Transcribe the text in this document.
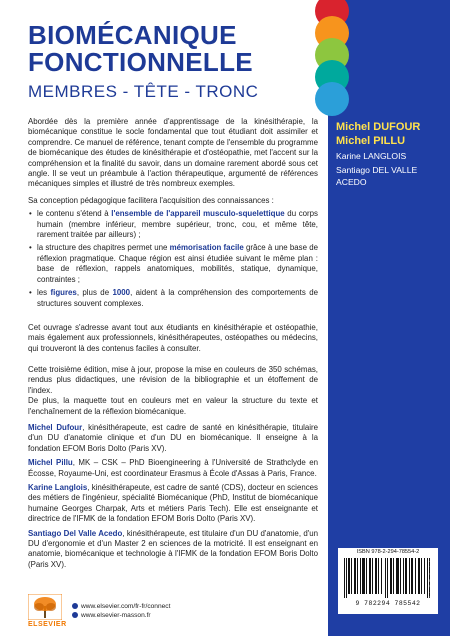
BIOMÉCANIQUE
FONCTIONNELLE
MEMBRES - TÊTE - TRONC
Michel DUFOUR
Michel PILLU
Karine LANGLOIS
Santiago DEL VALLE ACEDO

Abordée dès la première année d'apprentissage de la kinésithérapie, la biomécanique constitue le socle fondamental que tout étudiant doit assimiler et comprendre. Ce manuel de référence, tenant compte de l'ensemble du programme de biomécanique des études de kinésithérapie et d'ostéopathie, met l'accent sur la compréhension et la finalité du savoir, dans un domaine rarement abordé sous cet angle. Il se veut un préambule à l'action thérapeutique, argumenté de références mécaniques simples et illustré de très nombreux exemples.

Sa conception pédagogique facilitera l'acquisition des connaissances :

• le contenu s'étend à l'ensemble de l'appareil musculo-squelettique du corps humain (membre inférieur, membre supérieur, tronc, cou, et même tête, rarement traitée par ailleurs) ;
• la structure des chapitres permet une mémorisation facile grâce à une base de réflexion pragmatique. Chaque région est ainsi étudiée suivant le même plan : base de réflexion, rappels anatomiques, mobilités, statique, dynamique, contraintes ;
• les figures, plus de 1000, aident à la compréhension des comportements de structures souvent complexes.

Cet ouvrage s'adresse avant tout aux étudiants en kinésithérapie et ostéopathie, mais également aux professionnels, kinésithérapeutes, ostéopathes ou médecins, qui trouveront là des contenus faciles à consulter.

Cette troisième édition, mise à jour, propose la mise en couleurs de 350 schémas, rendus plus didactiques, une révision de la bibliographie et un étoffement de l'index.

De plus, la maquette tout en couleurs met en valeur la structure du texte et l'enchaînement de la réflexion biomécanique.

Michel Dufour, kinésithérapeute, est cadre de santé en kinésithérapie, titulaire d'un DU d'anatomie clinique et d'un DU en biomécanique. Il enseigne à la fondation EFOM Boris Dolto (Paris XV).

Michel Pillu, MK – CSK – PhD Bioengineering à l'Université de Strathclyde en Écosse, Royaume-Uni, est coordinateur Erasmus à École d'Assas à Paris, France.

Karine Langlois, kinésithérapeute, est cadre de santé (CDS), docteur en sciences des métiers de l'ingénieur, spécialité Biomécanique (PhD, Institut de biomécanique humaine Georges Charpak, Arts et métiers Paris Tech). Elle est enseignante et directrice de l'IFMK de la fondation EFOM Boris Dolto (Paris XV).

Santiago Del Valle Acedo, kinésithérapeute, est titulaire d'un DU d'anatomie, d'un DU d'ergonomie et d'un Master 2 en sciences de la motricité. Il est enseignant en anatomie, biomécanique et technologie à l'IFMK de la fondation EFOM Boris Dolto (Paris XV).

ISBN 978-2-294-78554-2
9 782294 785542
Photo © Shutterstock
ELSEVIER
www.elsevier.com/fr-fr/connect
www.elsevier-masson.fr
